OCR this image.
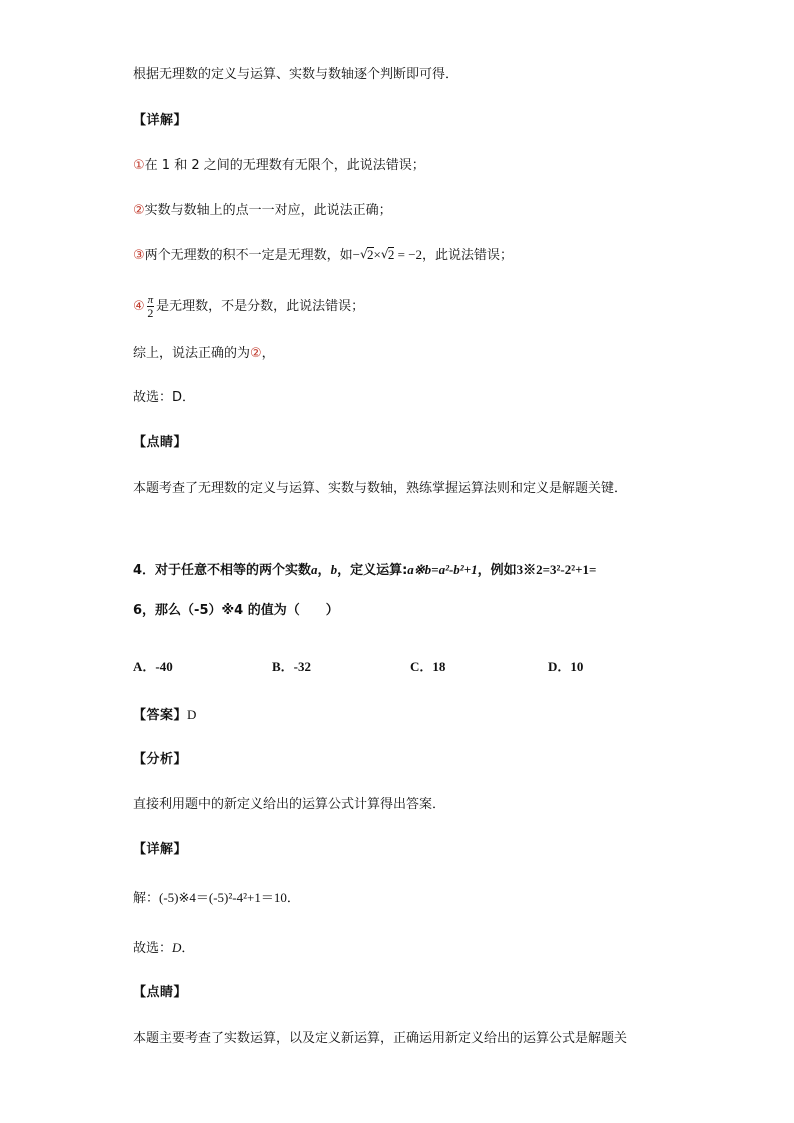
根据无理数的定义与运算、实数与数轴逐个判断即可得．
【详解】
①在 1 和 2 之间的无理数有无限个，此说法错误；
②实数与数轴上的点一一对应，此说法正确；
③两个无理数的积不一定是无理数，如− √ 2× √ 2 = −2，此说法错误；
④ $\frac{\pi}{2}$ 是无理数，不是分数，此说法错误；
综上，说法正确的为②，
故选：D．
【点睛】
本题考查了无理数的定义与运算、实数与数轴，熟练掌握运算法则和定义是解题关键．
4．对于任意不相等的两个实数a，b，定义运算:a※b=a²-b²+1，例如3※2=3²-2²+1=
6，那么（-5）※4 的值为（　　）
A．-40	B．-32	C．18	D．10
【答案】D
【分析】
直接利用题中的新定义给出的运算公式计算得出答案．
【详解】
解：(-5)※4＝(-5)²-4²+1＝10．
故选：D．
【点睛】
本题主要考查了实数运算，以及定义新运算，正确运用新定义给出的运算公式是解题关
